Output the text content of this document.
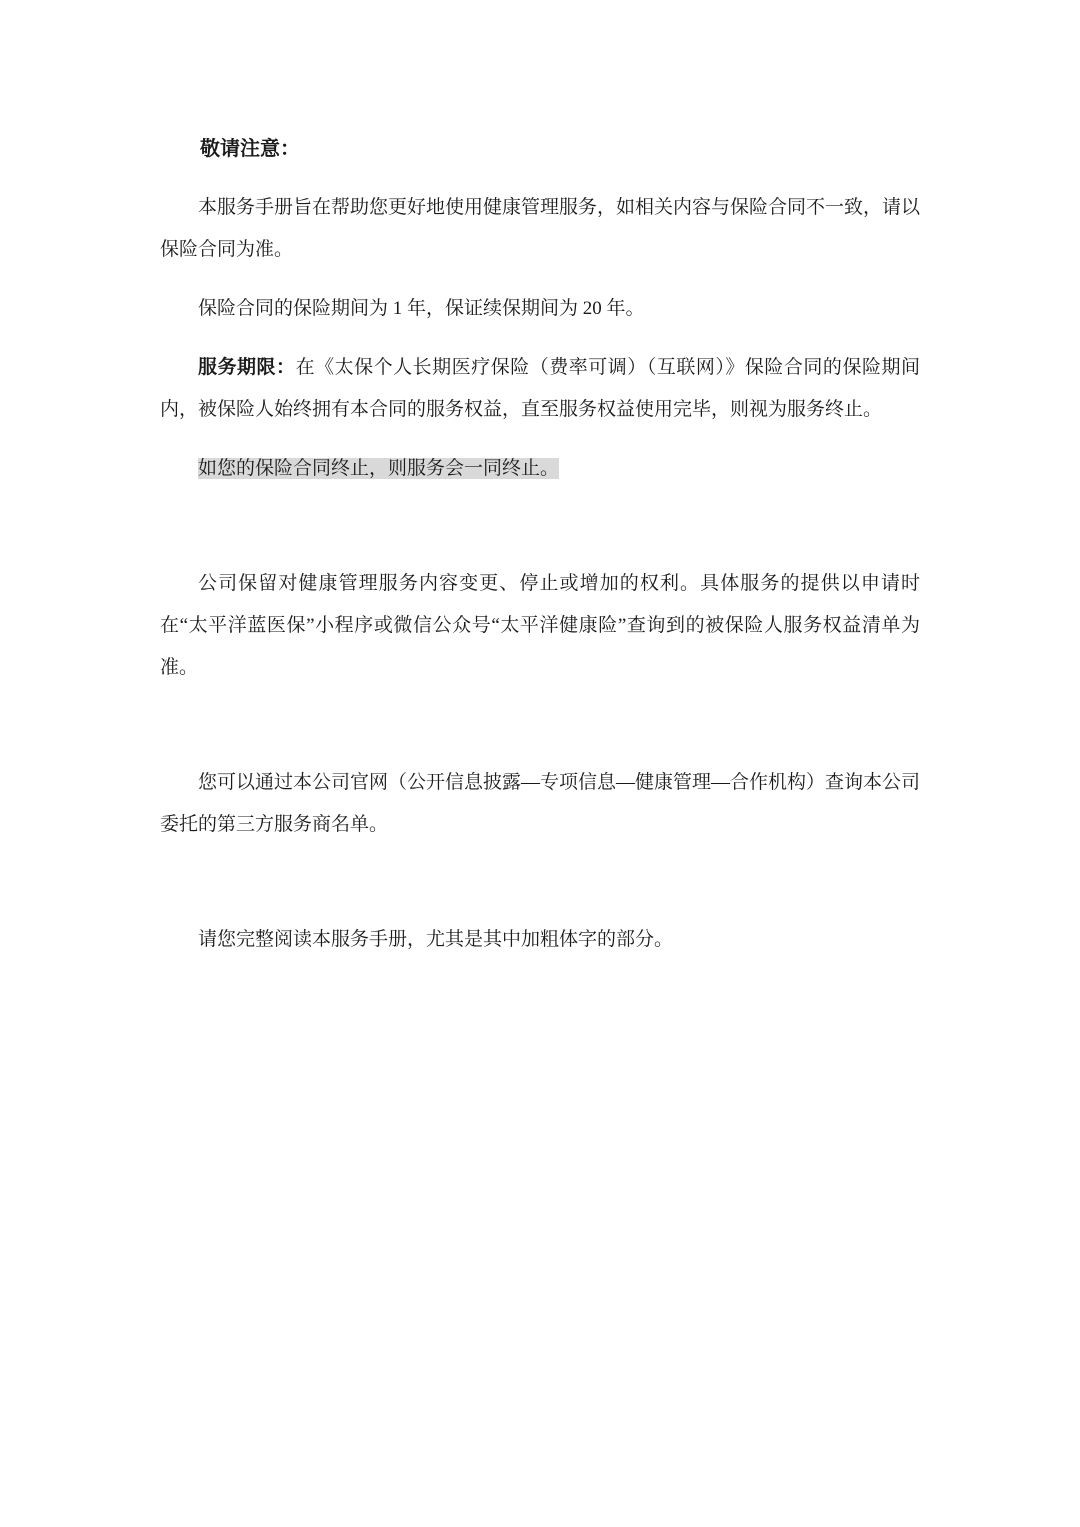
敬请注意：

本服务手册旨在帮助您更好地使用健康管理服务，如相关内容与保险合同不一致，请以保险合同为准。

保险合同的保险期间为 1 年，保证续保期间为 20 年。

服务期限：在《太保个人长期医疗保险（费率可调）（互联网）》保险合同的保险期间内，被保险人始终拥有本合同的服务权益，直至服务权益使用完毕，则视为服务终止。

如您的保险合同终止，则服务会一同终止。

公司保留对健康管理服务内容变更、停止或增加的权利。具体服务的提供以申请时在“太平洋蓝医保”小程序或微信公众号“太平洋健康险”查询到的被保险人服务权益清单为准。

您可以通过本公司官网（公开信息披露—专项信息—健康管理—合作机构）查询本公司委托的第三方服务商名单。

请您完整阅读本服务手册，尤其是其中加粗体字的部分。
